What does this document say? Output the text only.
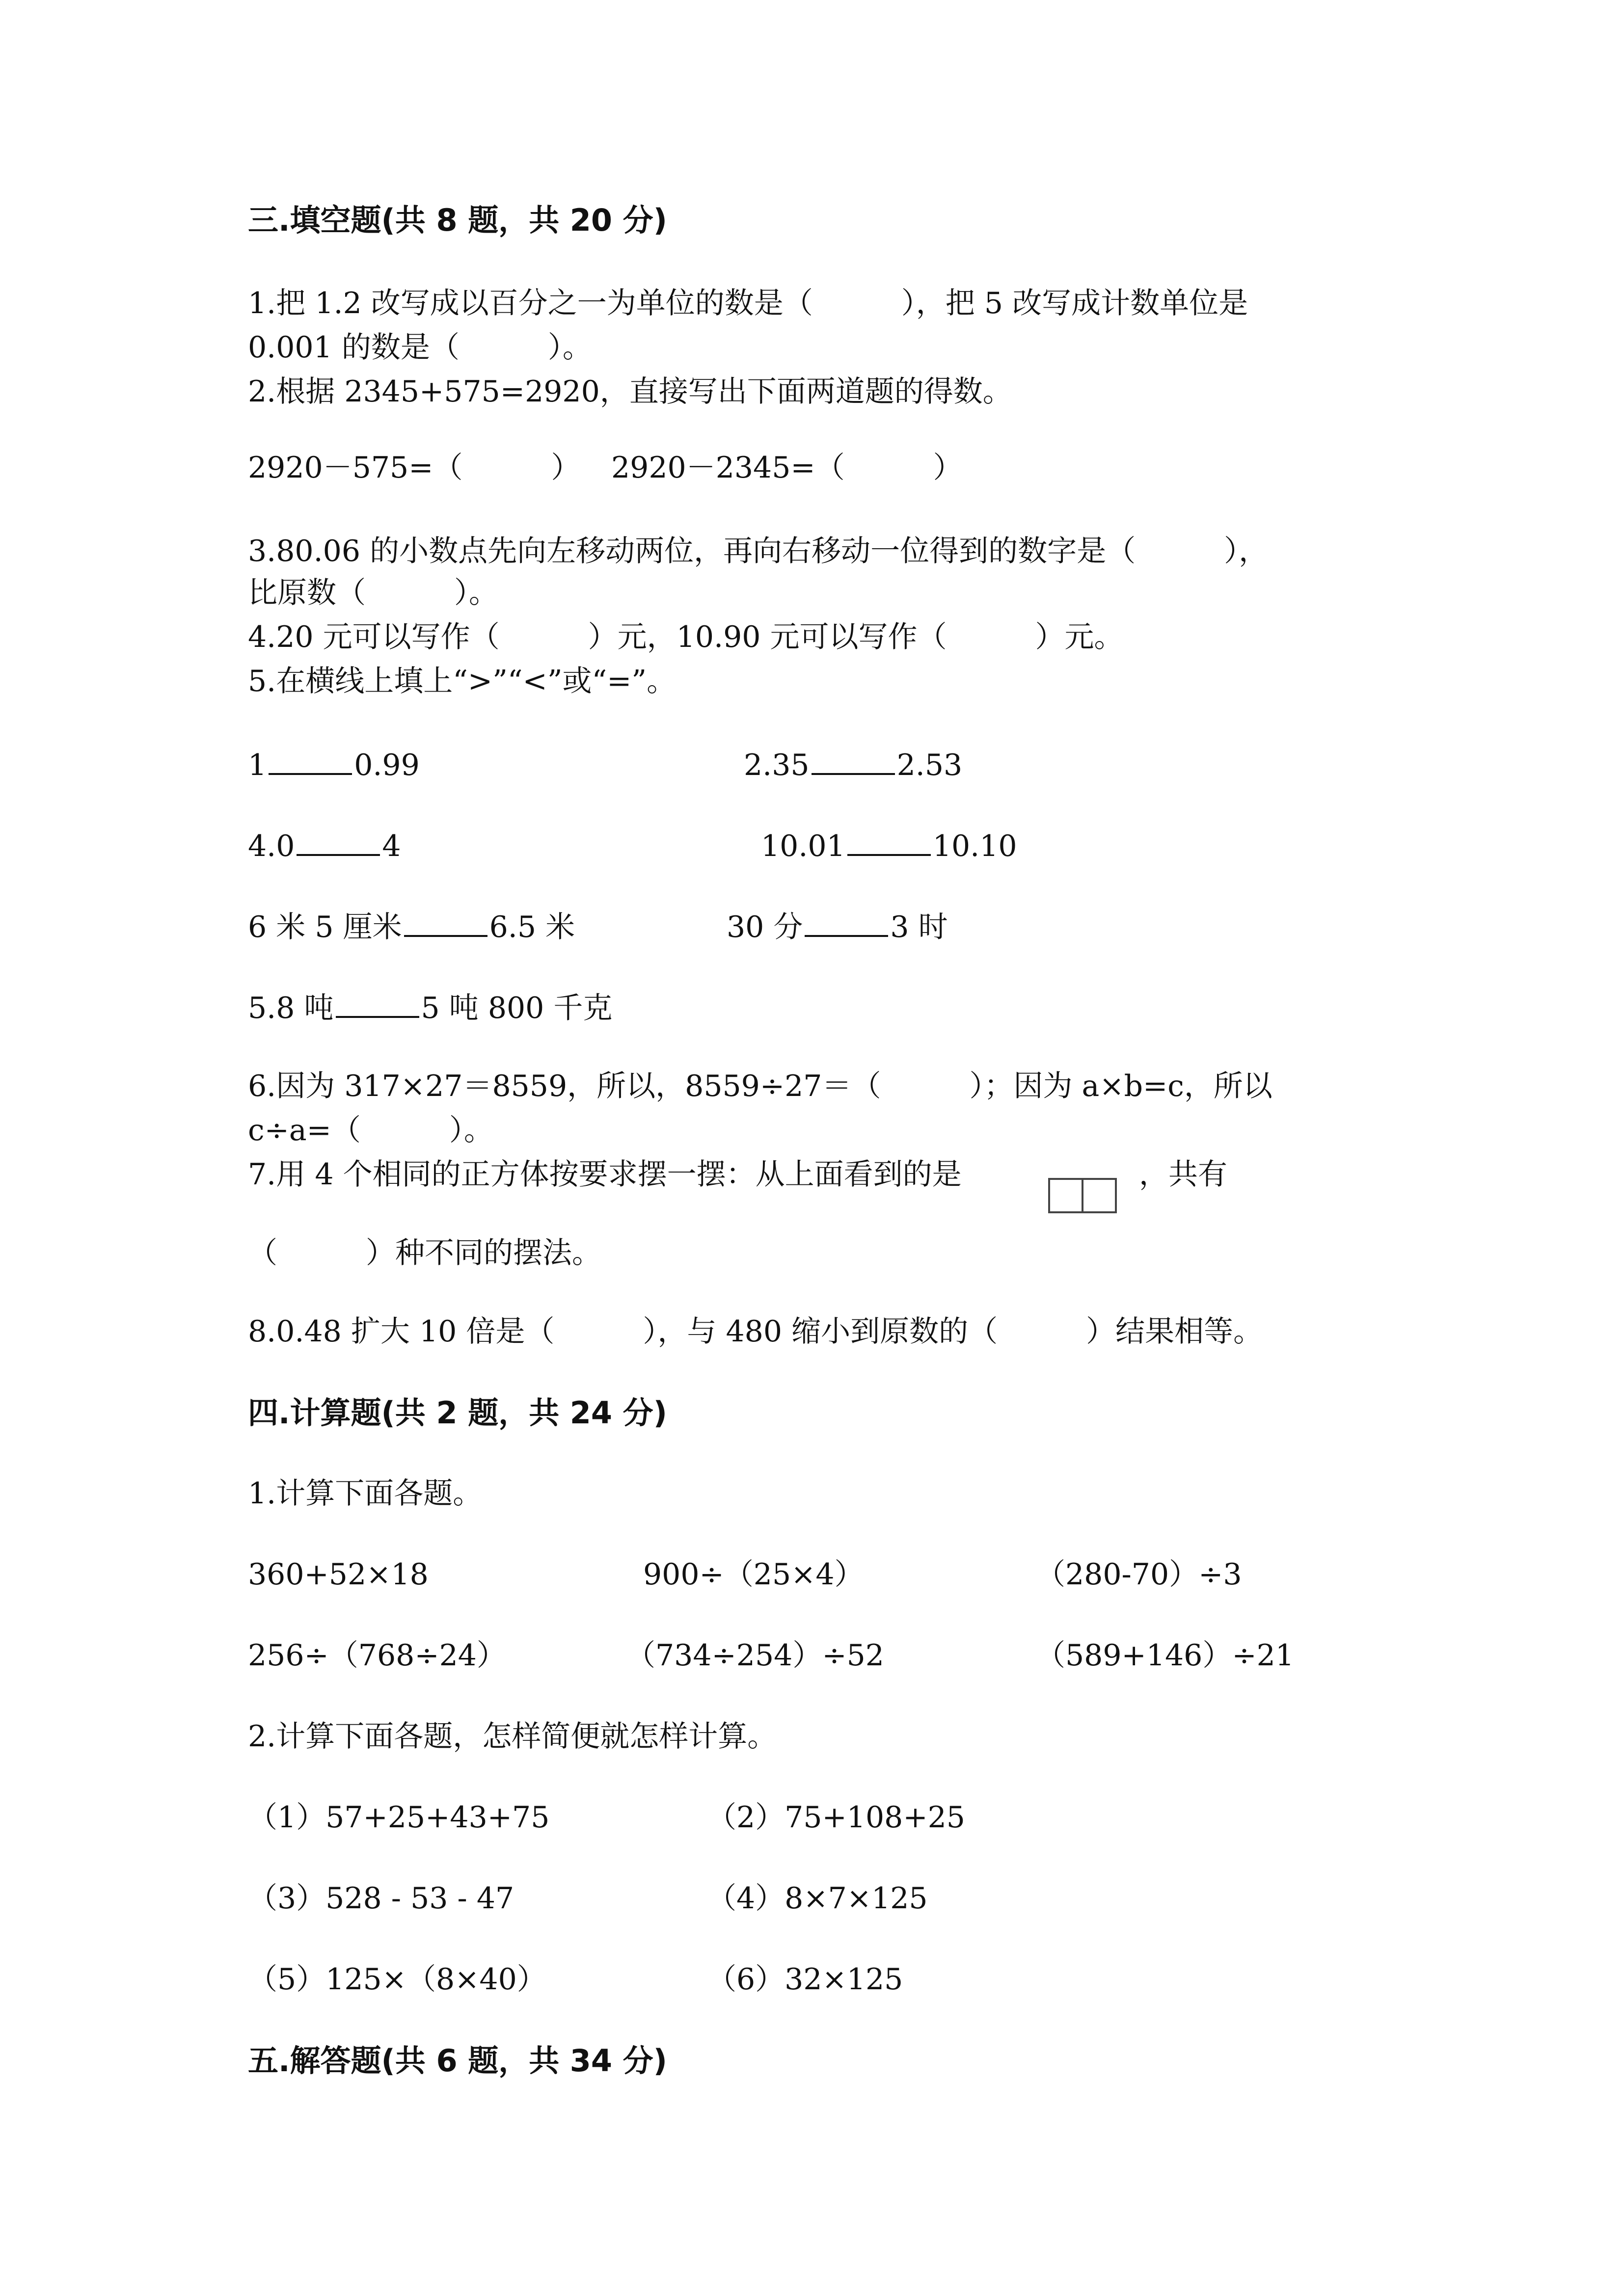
三.填空题(共 8 题，共 20 分)
1.把 1.2 改写成以百分之一为单位的数是（　　　），把 5 改写成计数单位是
0.001 的数是（　　　）。
2.根据 2345+575=2920，直接写出下面两道题的得数。
2920－575=（　　　） 2920－2345=（　　　）
3.80.06 的小数点先向左移动两位，再向右移动一位得到的数字是（　　　），
比原数（　　　）。
4.20 元可以写作（　　　）元，10.90 元可以写作（　　　）元。
5.在横线上填上“>”“<”或“=”。
1	0.99	2.35	2.53
4.0	4	10.01	10.10
6 米 5 厘米	6.5 米	30 分	3 时
5.8 吨	5 吨 800 千克
6.因为 317×27＝8559，所以，8559÷27＝（　　　）；因为 a×b=c，所以
c÷a=（　　　）。
7.用 4 个相同的正方体按要求摆一摆：从上面看到的是	，共有
（　　　）种不同的摆法。
8.0.48 扩大 10 倍是（　　　），与 480 缩小到原数的（　　　）结果相等。
四.计算题(共 2 题，共 24 分)
1.计算下面各题。
360+52×18	900÷（25×4）	（280-70）÷3
256÷（768÷24）	（734÷254）÷52	（589+146）÷21
2.计算下面各题，怎样简便就怎样计算。
（1）57+25+43+75	（2）75+108+25
（3）528 - 53 - 47	（4）8×7×125
（5）125×（8×40）	（6）32×125
五.解答题(共 6 题，共 34 分)
